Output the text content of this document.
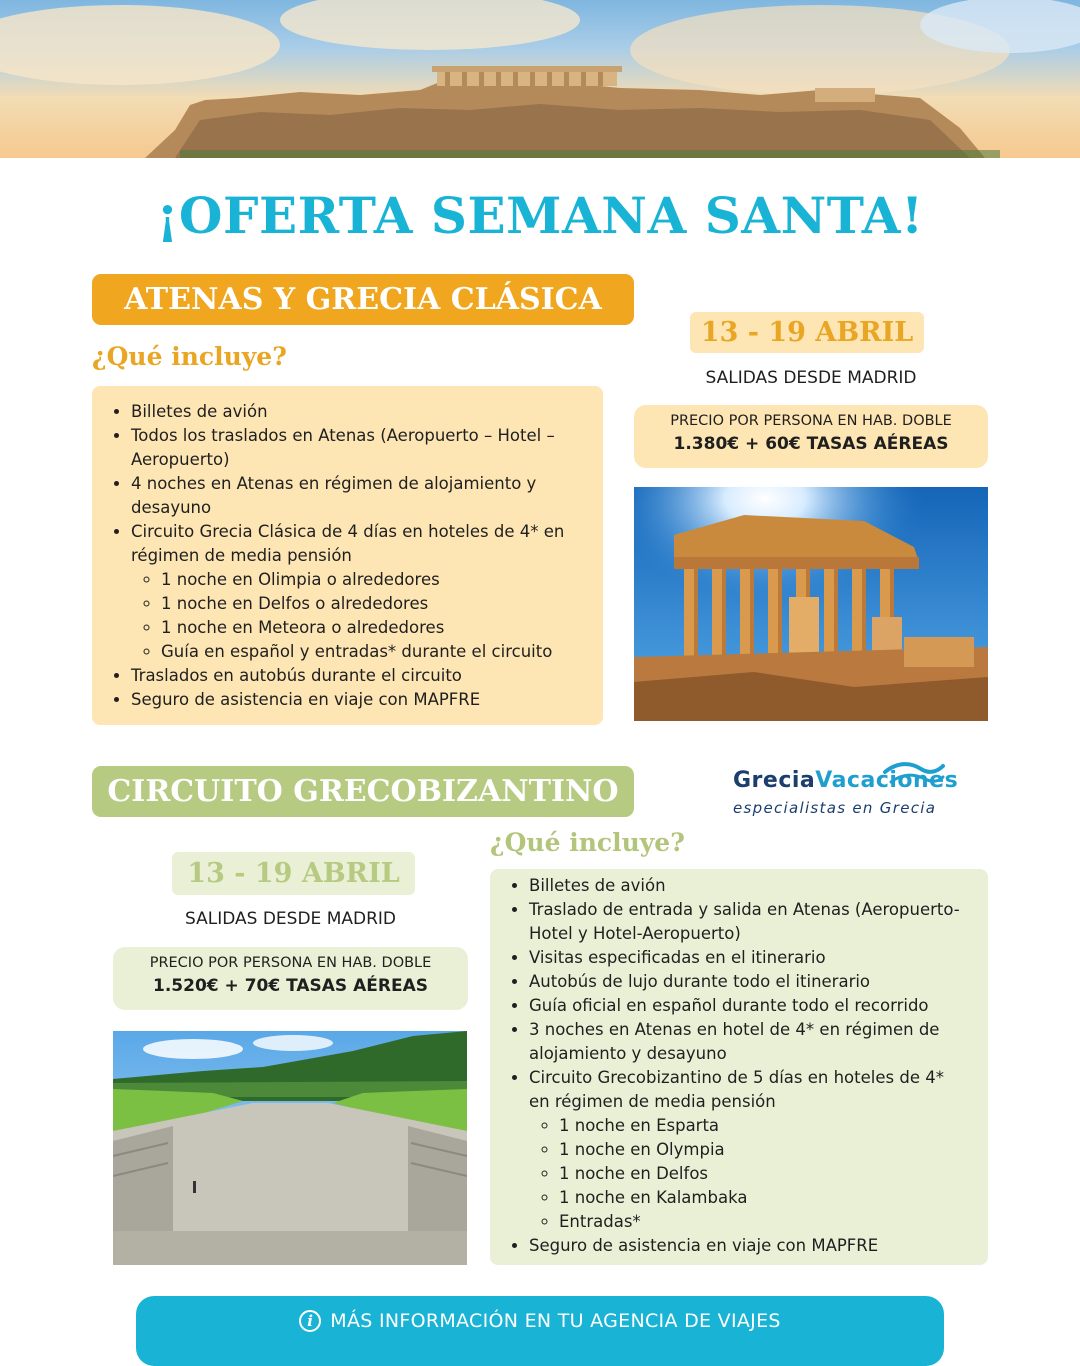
¡OFERTA SEMANA SANTA!
ATENAS Y GRECIA CLÁSICA
¿Qué incluye?
• Billetes de avión
• Todos los traslados en Atenas (Aeropuerto – Hotel – Aeropuerto)
• 4 noches en Atenas en régimen de alojamiento y desayuno
• Circuito Grecia Clásica de 4 días en hoteles de 4* en régimen de media pensión
◦ 1 noche en Olimpia o alrededores
◦ 1 noche en Delfos o alrededores
◦ 1 noche en Meteora o alrededores
◦ Guía en español y entradas* durante el circuito
• Traslados en autobús durante el circuito
• Seguro de asistencia en viaje con MAPFRE
13 - 19 ABRIL
SALIDAS DESDE MADRID
PRECIO POR PERSONA EN HAB. DOBLE
1.380€ + 60€ TASAS AÉREAS
CIRCUITO GRECOBIZANTINO	GreciaVacaciones
especialistas en Grecia
13 - 19 ABRIL
SALIDAS DESDE MADRID
PRECIO POR PERSONA EN HAB. DOBLE
1.520€ + 70€ TASAS AÉREAS
¿Qué incluye?
• Billetes de avión
• Traslado de entrada y salida en Atenas (Aeropuerto-Hotel y Hotel-Aeropuerto)
• Visitas especificadas en el itinerario
• Autobús de lujo durante todo el itinerario
• Guía oficial en español durante todo el recorrido
• 3 noches en Atenas en hotel de 4* en régimen de alojamiento y desayuno
• Circuito Grecobizantino de 5 días en hoteles de 4* en régimen de media pensión
◦ 1 noche en Esparta
◦ 1 noche en Olympia
◦ 1 noche en Delfos
◦ 1 noche en Kalambaka
◦ Entradas*
• Seguro de asistencia en viaje con MAPFRE
i MÁS INFORMACIÓN EN TU AGENCIA DE VIAJES
